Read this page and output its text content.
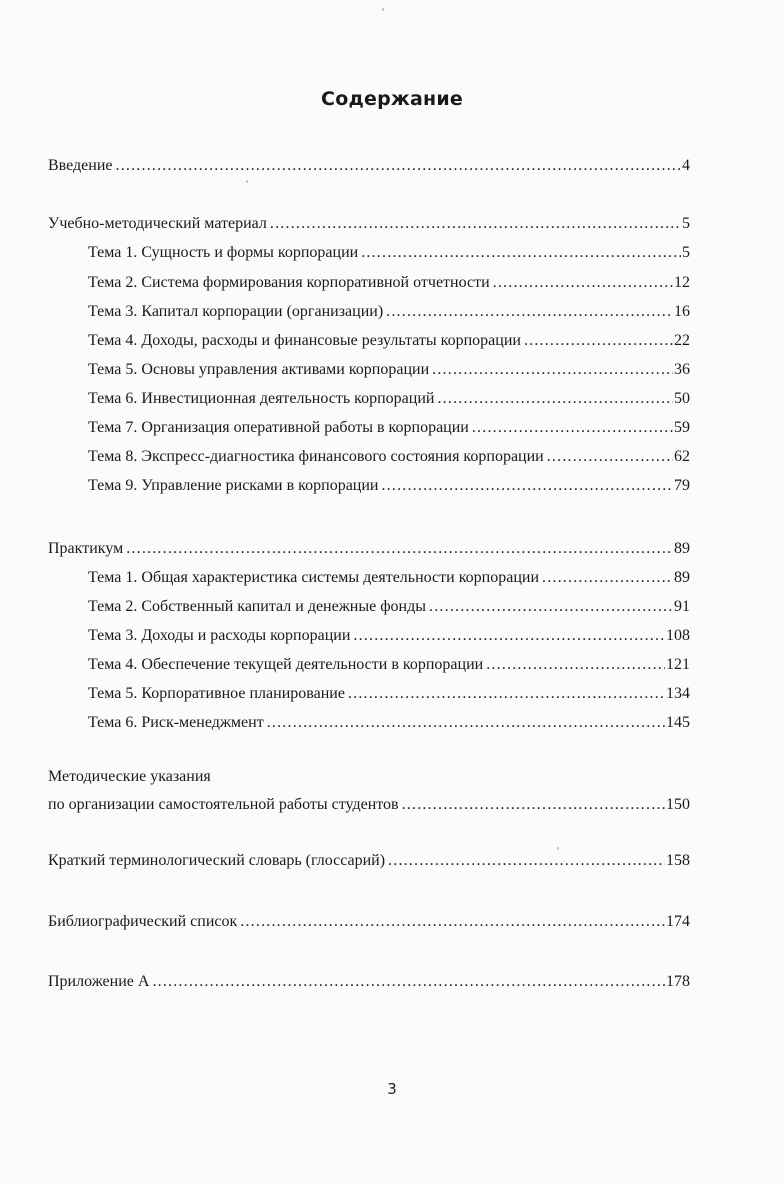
Содержание
Введение .....	4
Учебно-методический материал .....	5
Тема 1. Сущность и формы корпорации .....	5
Тема 2. Система формирования корпоративной отчетности .....	12
Тема 3. Капитал корпорации (организации) .....	16
Тема 4. Доходы, расходы и финансовые результаты корпорации .....	22
Тема 5. Основы управления активами корпорации .....	36
Тема 6. Инвестиционная деятельность корпораций .....	50
Тема 7. Организация оперативной работы в корпорации .....	59
Тема 8. Экспресс-диагностика финансового состояния корпорации .....	62
Тема 9. Управление рисками в корпорации .....	79
Практикум .....	89
Тема 1. Общая характеристика системы деятельности корпорации .....	89
Тема 2. Собственный капитал и денежные фонды .....	91
Тема 3. Доходы и расходы корпорации .....	108
Тема 4. Обеспечение текущей деятельности в корпорации .....	121
Тема 5. Корпоративное планирование .....	134
Тема 6. Риск-менеджмент .....	145
Методические указания
по организации самостоятельной работы студентов .....	150
Краткий терминологический словарь (глоссарий) .....	158
Библиографический список .....	174
Приложение А .....	178
3
